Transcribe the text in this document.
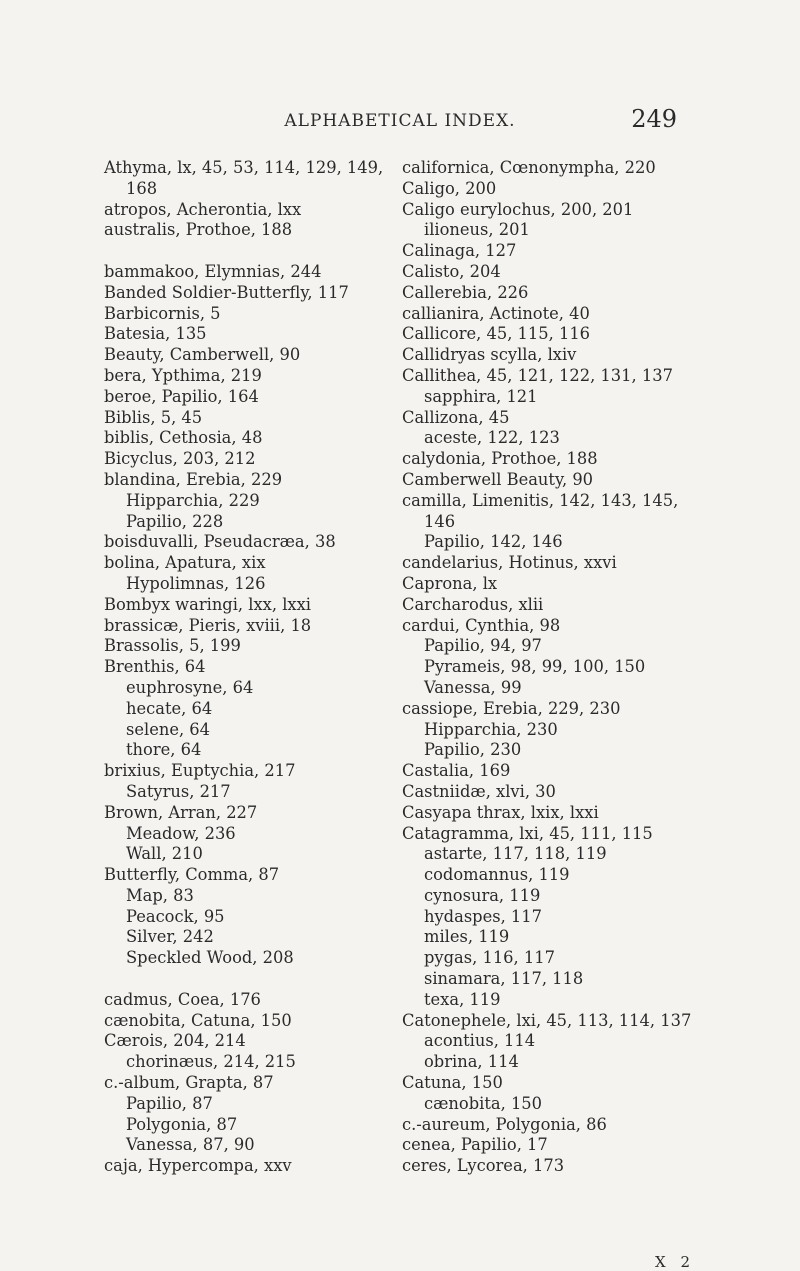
ALPHABETICAL INDEX.	249
Athyma, lx, 45, 53, 114, 129, 149,
168
atropos, Acherontia, lxx
australis, Prothoe, 188
bammakoo, Elymnias, 244
Banded Soldier-Butterfly, 117
Barbicornis, 5
Batesia, 135
Beauty, Camberwell, 90
bera, Ypthima, 219
beroe, Papilio, 164
Biblis, 5, 45
biblis, Cethosia, 48
Bicyclus, 203, 212
blandina, Erebia, 229
Hipparchia, 229
Papilio, 228
boisduvalli, Pseudacræa, 38
bolina, Apatura, xix
Hypolimnas, 126
Bombyx waringi, lxx, lxxi
brassicæ, Pieris, xviii, 18
Brassolis, 5, 199
Brenthis, 64
euphrosyne, 64
hecate, 64
selene, 64
thore, 64
brixius, Euptychia, 217
Satyrus, 217
Brown, Arran, 227
Meadow, 236
Wall, 210
Butterfly, Comma, 87
Map, 83
Peacock, 95
Silver, 242
Speckled Wood, 208
cadmus, Coea, 176
cænobita, Catuna, 150
Cærois, 204, 214
chorinæus, 214, 215
c.-album, Grapta, 87
Papilio, 87
Polygonia, 87
Vanessa, 87, 90
caja, Hypercompa, xxv
californica, Cœnonympha, 220
Caligo, 200
Caligo eurylochus, 200, 201
ilioneus, 201
Calinaga, 127
Calisto, 204
Callerebia, 226
callianira, Actinote, 40
Callicore, 45, 115, 116
Callidryas scylla, lxiv
Callithea, 45, 121, 122, 131, 137
sapphira, 121
Callizona, 45
aceste, 122, 123
calydonia, Prothoe, 188
Camberwell Beauty, 90
camilla, Limenitis, 142, 143, 145,
146
Papilio, 142, 146
candelarius, Hotinus, xxvi
Caprona, lx
Carcharodus, xlii
cardui, Cynthia, 98
Papilio, 94, 97
Pyrameis, 98, 99, 100, 150
Vanessa, 99
cassiope, Erebia, 229, 230
Hipparchia, 230
Papilio, 230
Castalia, 169
Castniidæ, xlvi, 30
Casyapa thrax, lxix, lxxi
Catagramma, lxi, 45, 111, 115
astarte, 117, 118, 119
codomannus, 119
cynosura, 119
hydaspes, 117
miles, 119
pygas, 116, 117
sinamara, 117, 118
texa, 119
Catonephele, lxi, 45, 113, 114, 137
acontius, 114
obrina, 114
Catuna, 150
cænobita, 150
c.-aureum, Polygonia, 86
cenea, Papilio, 17
ceres, Lycorea, 173
X 2
